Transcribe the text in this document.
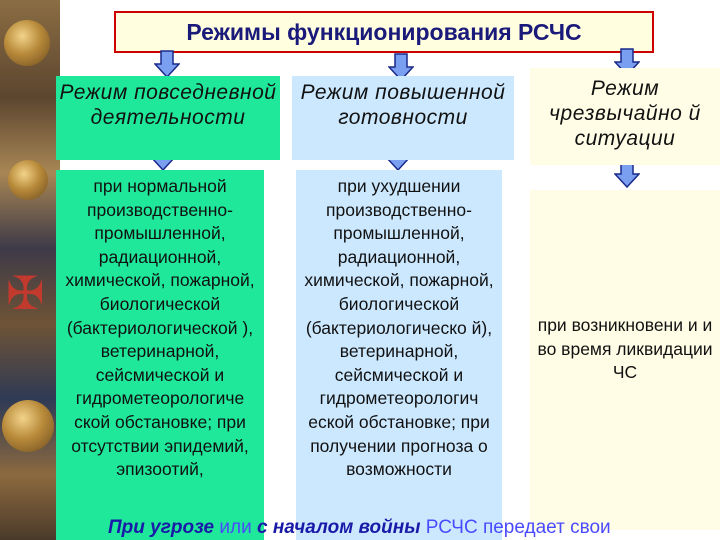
✠
Режимы функционирования РСЧС
Режим повседневной деятельности
Режим повышенной готовности
Режим чрезвычайно й ситуации
при нормальной производственно-промышленной, радиационной, химической, пожарной, биологической (бактериологической ), ветеринарной, сейсмической и гидрометеорологиче ской обстановке; при отсутствии эпидемий, эпизоотий,
при ухудшении производственно-промышленной, радиационной, химической, пожарной, биологической (бактериологическо й), ветеринарной, сейсмической и гидрометеорологич еской обстановке; при получении прогноза о возможности
при возникновени и и во время ликвидации ЧС
При угрозе или с началом войны РСЧС передает свои
